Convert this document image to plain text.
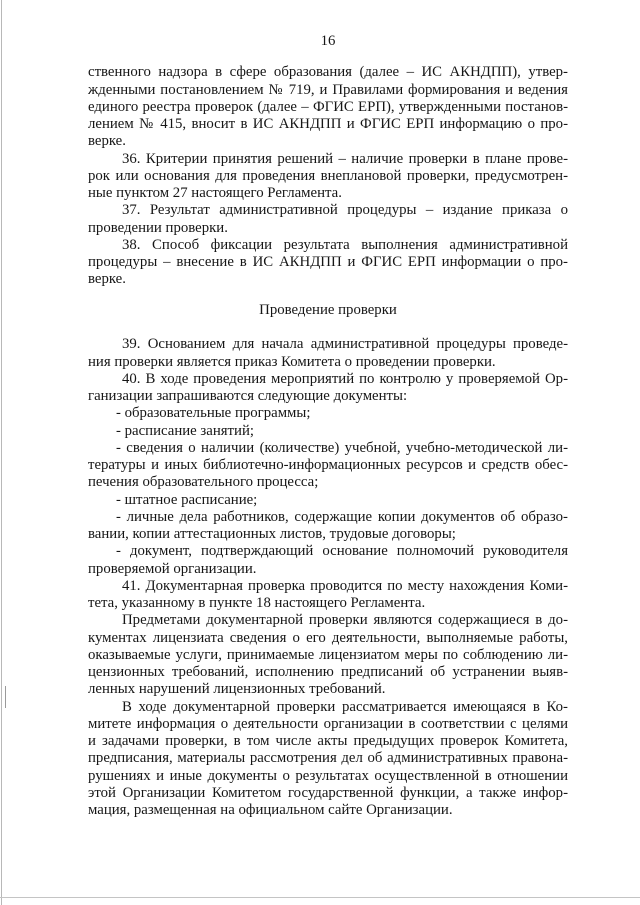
16
ственного надзора в сфере образования (далее – ИС АКНДПП), утвер-
жденными постановлением № 719, и Правилами формирования и ведения
единого реестра проверок (далее – ФГИС ЕРП), утвержденными постанов-
лением № 415, вносит в ИС АКНДПП и ФГИС ЕРП информацию о про-
верке.
36. Критерии принятия решений – наличие проверки в плане прове-
рок или основания для проведения внеплановой проверки, предусмотрен-
ные пунктом 27 настоящего Регламента.
37. Результат административной процедуры – издание приказа о
проведении проверки.
38. Способ фиксации результата выполнения административной
процедуры – внесение в ИС АКНДПП и ФГИС ЕРП информации о про-
верке.
Проведение проверки
39. Основанием для начала административной процедуры проведе-
ния проверки является приказ Комитета о проведении проверки.
40. В ходе проведения мероприятий по контролю у проверяемой Ор-
ганизации запрашиваются следующие документы:
- образовательные программы;
- расписание занятий;
- сведения о наличии (количестве) учебной, учебно-методической ли-
тературы и иных библиотечно-информационных ресурсов и средств обес-
печения образовательного процесса;
- штатное расписание;
- личные дела работников, содержащие копии документов об образо-
вании, копии аттестационных листов, трудовые договоры;
- документ, подтверждающий основание полномочий руководителя
проверяемой организации.
41. Документарная проверка проводится по месту нахождения Коми-
тета, указанному в пункте 18 настоящего Регламента.
Предметами документарной проверки являются содержащиеся в до-
кументах лицензиата сведения о его деятельности, выполняемые работы,
оказываемые услуги, принимаемые лицензиатом меры по соблюдению ли-
цензионных требований, исполнению предписаний об устранении выяв-
ленных нарушений лицензионных требований.
В ходе документарной проверки рассматривается имеющаяся в Ко-
митете информация о деятельности организации в соответствии с целями
и задачами проверки, в том числе акты предыдущих проверок Комитета,
предписания, материалы рассмотрения дел об административных правона-
рушениях и иные документы о результатах осуществленной в отношении
этой Организации Комитетом государственной функции, а также инфор-
мация, размещенная на официальном сайте Организации.
